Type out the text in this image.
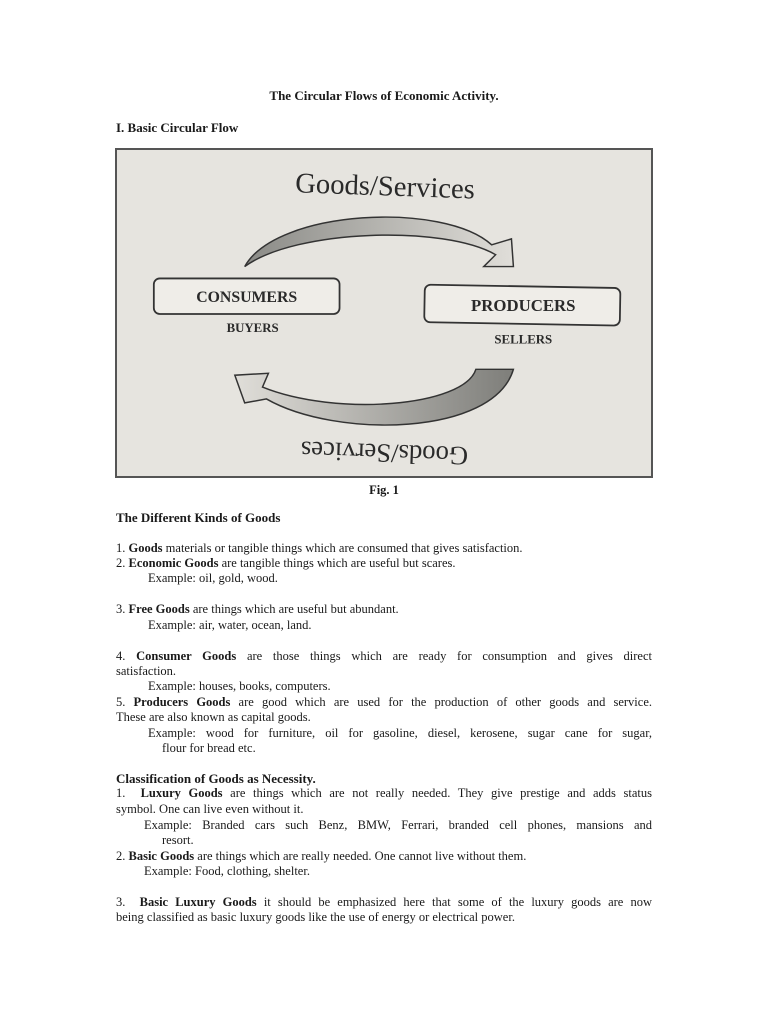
The Circular Flows of Economic Activity.
I. Basic Circular Flow
Goods/Services
CONSUMERS
BUYERS
PRODUCERS
SELLERS
Goods/Services
Fig. 1
The Different Kinds of Goods
1. Goods materials or tangible things which are consumed that gives satisfaction.
2. Economic Goods are tangible things which are useful but scares.
Example: oil, gold, wood.
3. Free Goods are things which are useful but abundant.
Example: air, water, ocean, land.
4. Consumer Goods are those things which are ready for consumption and gives direct
satisfaction.
Example: houses, books, computers.
5. Producers Goods are good which are used for the production of other goods and service.
These are also known as capital goods.
Example: wood for furniture, oil for gasoline, diesel, kerosene, sugar cane for sugar,
flour for bread etc.
Classification of Goods as Necessity.
1. Luxury Goods are things which are not really needed. They give prestige and adds status
symbol. One can live even without it.
Example: Branded cars such Benz, BMW, Ferrari, branded cell phones, mansions and
resort.
2. Basic Goods are things which are really needed. One cannot live without them.
Example: Food, clothing, shelter.
3. Basic Luxury Goods it should be emphasized here that some of the luxury goods are now
being classified as basic luxury goods like the use of energy or electrical power.
